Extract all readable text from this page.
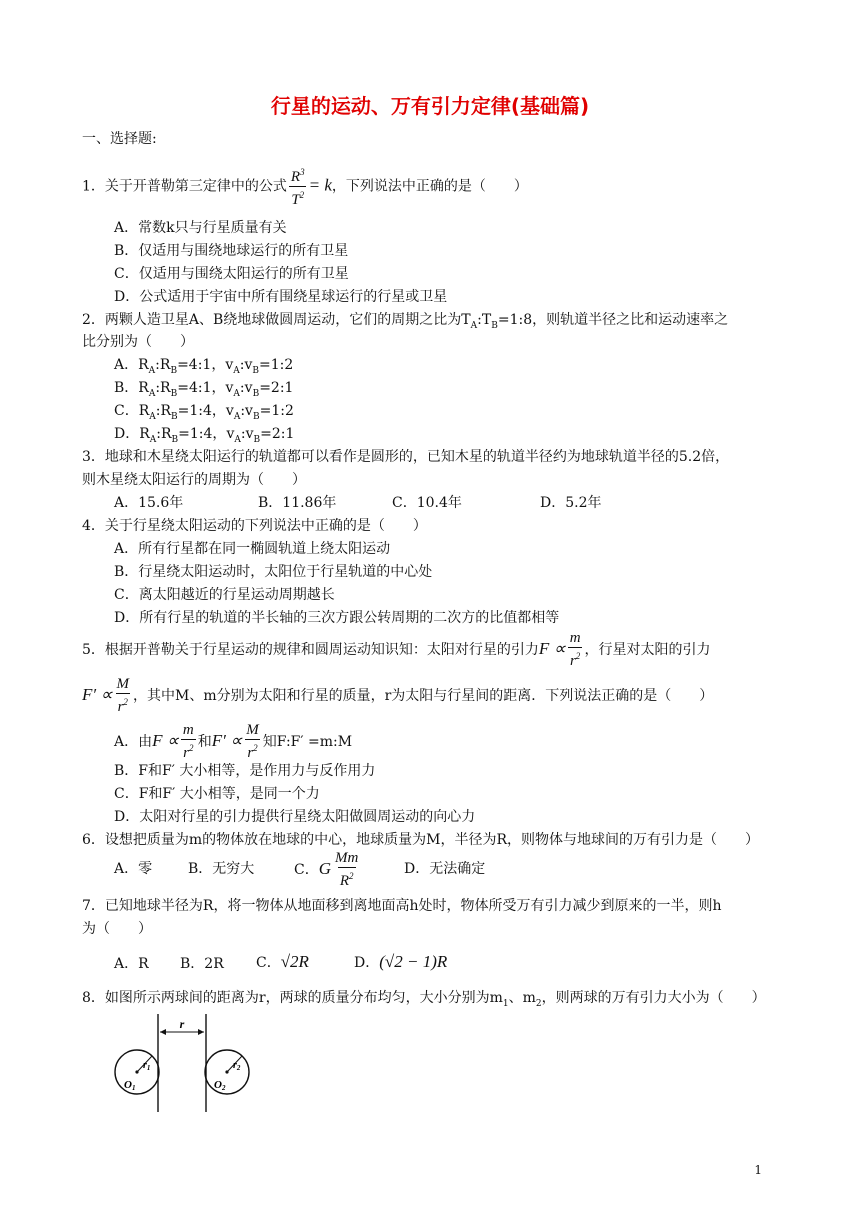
行星的运动、万有引力定律(基础篇)
一、选择题:
1．关于开普勒第三定律中的公式 $\frac{R^3}{T^2} = k$，下列说法中正确的是（　　）
A．常数k只与行星质量有关
B．仅适用与围绕地球运行的所有卫星
C．仅适用与围绕太阳运行的所有卫星
D．公式适用于宇宙中所有围绕星球运行的行星或卫星
2．两颗人造卫星A、B绕地球做圆周运动，它们的周期之比为$T_A:T_B=1:8$，则轨道半径之比和运动速率之
比分别为（　　）
A．$R_A:R_B=4:1$，$v_A:v_B=1:2$
B．$R_A:R_B=4:1$，$v_A:v_B=2:1$
C．$R_A:R_B=1:4$，$v_A:v_B=1:2$
D．$R_A:R_B=1:4$，$v_A:v_B=2:1$
3．地球和木星绕太阳运行的轨道都可以看作是圆形的，已知木星的轨道半径约为地球轨道半径的5.2倍，
则木星绕太阳运行的周期为（　　）
A．15.6年	B．11.86年	C．10.4年	D．5.2年
4．关于行星绕太阳运动的下列说法中正确的是（　　）
A．所有行星都在同一椭圆轨道上绕太阳运动
B．行星绕太阳运动时，太阳位于行星轨道的中心处
C．离太阳越近的行星运动周期越长
D．所有行星的轨道的半长轴的三次方跟公转周期的二次方的比值都相等
5．根据开普勒关于行星运动的规律和圆周运动知识知：太阳对行星的引力$F \propto \frac{m}{r^2}$ ，行星对太阳的引力
$F' \propto \frac{M}{r^2}$ ，其中M、m分别为太阳和行星的质量，r为太阳与行星间的距离．下列说法正确的是（　　）
A．由$F \propto \frac{m}{r^2}$ 和$F' \propto \frac{M}{r^2}$ 知F:F′ =m:M
B．F和F′ 大小相等，是作用力与反作用力
C．F和F′ 大小相等，是同一个力
D．太阳对行星的引力提供行星绕太阳做圆周运动的向心力
6．设想把质量为m的物体放在地球的中心，地球质量为M，半径为R，则物体与地球间的万有引力是（　　）
A．零	B．无穷大	C．G $\frac{Mm}{R^2}$	D．无法确定
7．已知地球半径为R，将一物体从地面移到离地面高h处时，物体所受万有引力减少到原来的一半，则h
为（　　）
A．R B．2R C．√2R	D．(√2 − 1)R
8．如图所示两球间的距离为r，两球的质量分布均匀，大小分别为$m_1$、$m_2$，则两球的万有引力大小为（　　）
r
$r_1$	$r_2$
O1	O2
1
